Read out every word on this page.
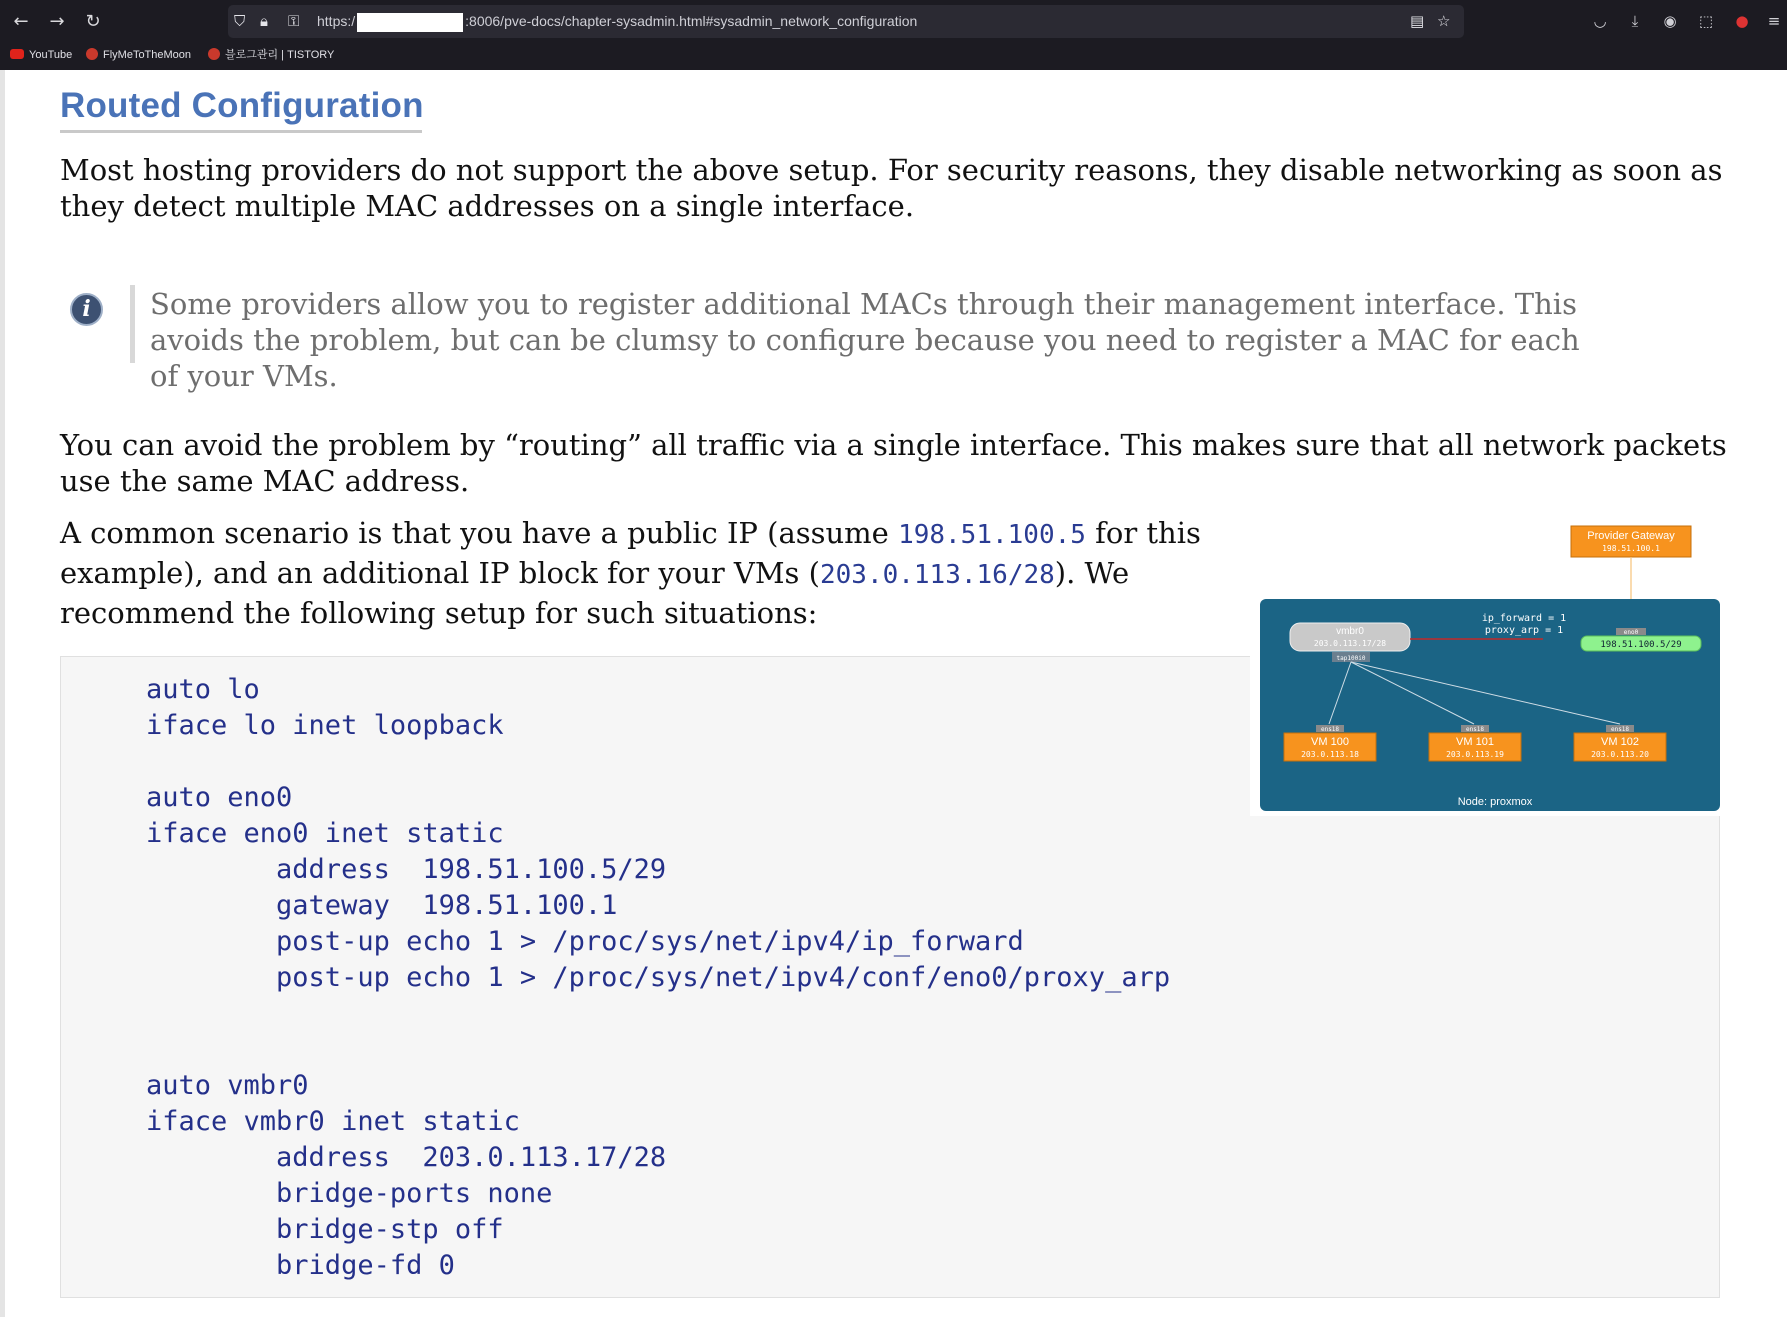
←	→	↻	⛉ 🔒︎ ⚿ https:/	:8006/pve-docs/chapter-sysadmin.html#sysadmin_network_configuration	▤ ☆	◡	⤓	◉	⬚	●	≡
YouTube	FlyMeToTheMoon	블로그관리 | TISTORY
Routed Configuration

Most hosting providers do not support the above setup. For security reasons, they disable networking as soon as they detect multiple MAC addresses on a single interface.

i	Some providers allow you to register additional MACs through their management interface. This avoids the problem, but can be clumsy to configure because you need to register a MAC for each of your VMs.

You can avoid the problem by “routing” all traffic via a single interface. This makes sure that all network packets use the same MAC address.

A common scenario is that you have a public IP (assume 198.51.100.5 for this example), and an additional IP block for your VMs (203.0.113.16/28). We recommend the following setup for such situations:

auto lo
iface lo inet loopback
auto eno0
iface eno0 inet static
address  198.51.100.5/29
gateway  198.51.100.1
post-up echo 1 > /proc/sys/net/ipv4/ip_forward
post-up echo 1 > /proc/sys/net/ipv4/conf/eno0/proxy_arp
auto vmbr0
iface vmbr0 inet static
address  203.0.113.17/28
bridge-ports none
bridge-stp off
bridge-fd 0
Provider Gateway
198.51.100.1
vmbr0
203.0.113.17/28
tap100i0
ip_forward = 1
proxy_arp = 1	eno0
198.51.100.5/29
ens18
VM 100
203.0.113.18
ens18
VM 101
203.0.113.19
ens18
VM 102
203.0.113.20
Node: proxmox
